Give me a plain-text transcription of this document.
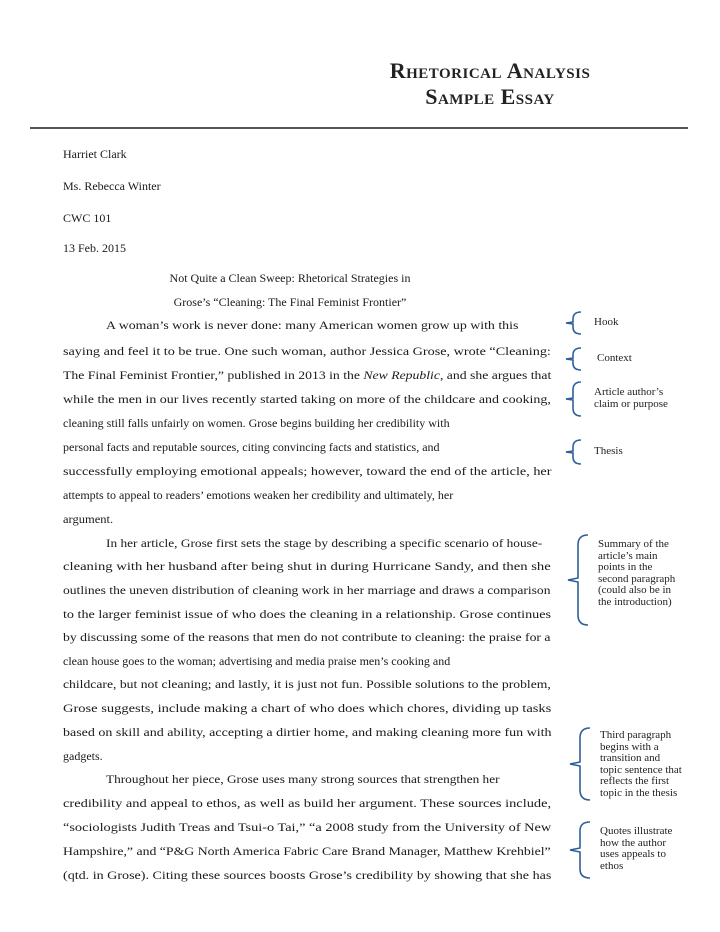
Rhetorical Analysis
Sample Essay
Harriet Clark
Ms. Rebecca Winter
CWC 101
13 Feb. 2015
Not Quite a Clean Sweep: Rhetorical Strategies in
Grose’s “Cleaning: The Final Feminist Frontier”
A woman’s work is never done: many American women grow up with this
saying and feel it to be true. One such woman, author Jessica Grose, wrote “Cleaning:
The Final Feminist Frontier,” published in 2013 in the New Republic, and she argues that
while the men in our lives recently started taking on more of the childcare and cooking,
cleaning still falls unfairly on women. Grose begins building her credibility with
personal facts and reputable sources, citing convincing facts and statistics, and
successfully employing emotional appeals; however, toward the end of the article, her
attempts to appeal to readers’ emotions weaken her credibility and ultimately, her
argument.
In her article, Grose first sets the stage by describing a specific scenario of house-
cleaning with her husband after being shut in during Hurricane Sandy, and then she
outlines the uneven distribution of cleaning work in her marriage and draws a comparison
to the larger feminist issue of who does the cleaning in a relationship. Grose continues
by discussing some of the reasons that men do not contribute to cleaning: the praise for a
clean house goes to the woman; advertising and media praise men’s cooking and
childcare, but not cleaning; and lastly, it is just not fun. Possible solutions to the problem,
Grose suggests, include making a chart of who does which chores, dividing up tasks
based on skill and ability, accepting a dirtier home, and making cleaning more fun with
gadgets.
Throughout her piece, Grose uses many strong sources that strengthen her
credibility and appeal to ethos, as well as build her argument. These sources include,
“sociologists Judith Treas and Tsui-o Tai,” “a 2008 study from the University of New
Hampshire,” and “P&G North America Fabric Care Brand Manager, Matthew Krehbiel”
(qtd. in Grose). Citing these sources boosts Grose’s credibility by showing that she has
Hook
Context
Article author’s
claim or purpose
Thesis
Summary of the
article’s main
points in the
second paragraph
(could also be in
the introduction)
Third paragraph
begins with a
transition and
topic sentence that
reflects the first
topic in the thesis
Quotes illustrate
how the author
uses appeals to
ethos
